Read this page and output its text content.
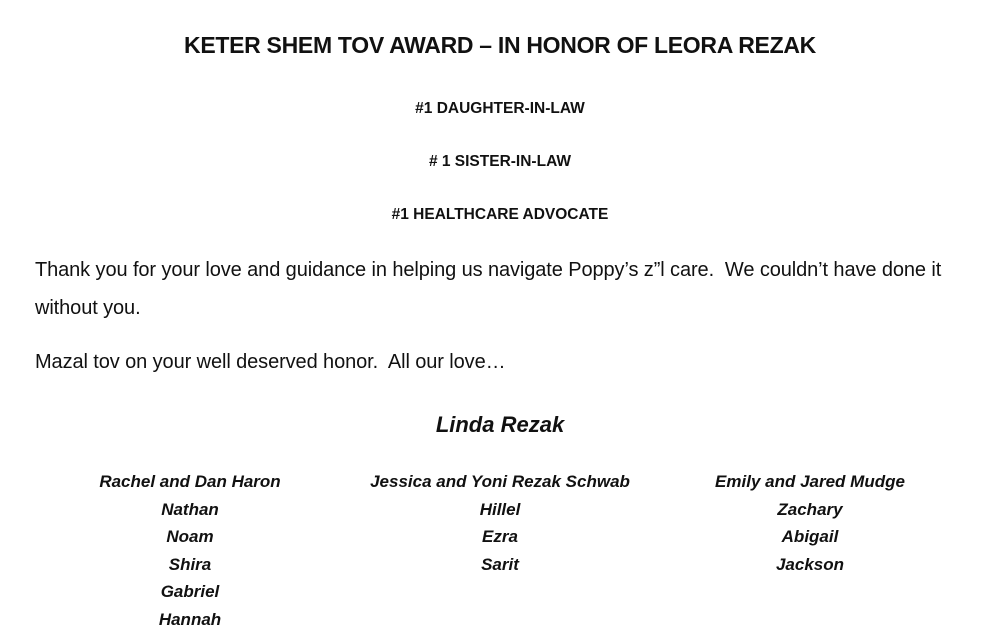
KETER SHEM TOV AWARD – IN HONOR OF LEORA REZAK
#1 DAUGHTER-IN-LAW
# 1 SISTER-IN-LAW
#1 HEALTHCARE ADVOCATE

Thank you for your love and guidance in helping us navigate Poppy’s z”l care.  We couldn’t have done it without you.

Mazal tov on your well deserved honor.  All our love…

Linda Rezak
Rachel and Dan Haron
Nathan
Noam
Shira
Gabriel
Hannah
Jessica and Yoni Rezak Schwab
Hillel
Ezra
Sarit
Emily and Jared Mudge
Zachary
Abigail
Jackson
